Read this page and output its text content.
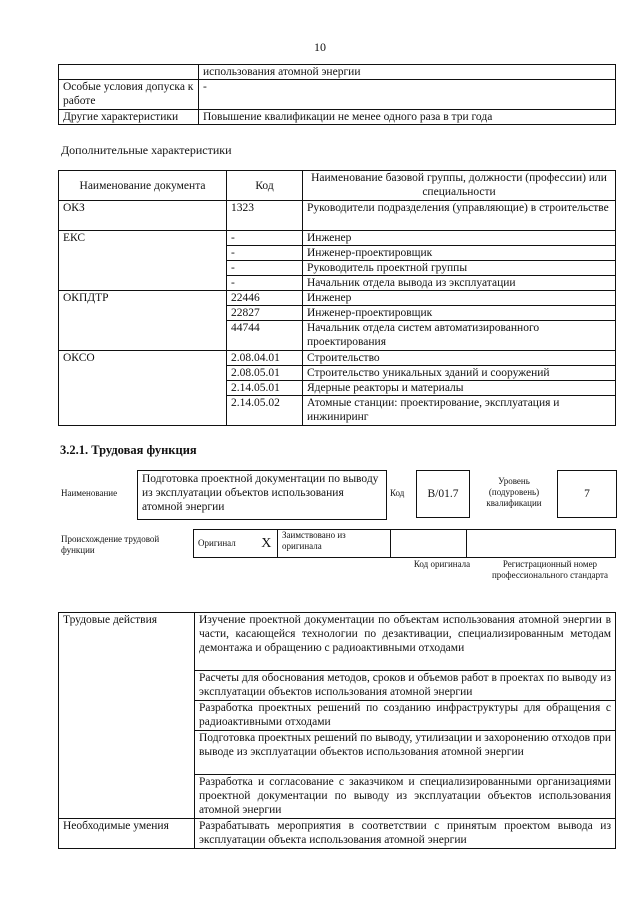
10
	использования атомной энергии
Особые условия допуска к работе	-
Другие характеристики	Повышение квалификации не менее одного раза в три года
Дополнительные характеристики
Наименование документа	Код	Наименование базовой группы, должности (профессии) или специальности
ОКЗ	1323	Руководители подразделения (управляющие) в строительстве
ЕКС	-	Инженер
	-	Инженер-проектировщик
	-	Руководитель проектной группы
	-	Начальник отдела вывода из эксплуатации
ОКПДТР	22446	Инженер
	22827	Инженер-проектировщик
	44744	Начальник отдела систем автоматизированного проектирования
ОКСО	2.08.04.01	Строительство
	2.08.05.01	Строительство уникальных зданий и сооружений
	2.14.05.01	Ядерные реакторы и материалы
	2.14.05.02	Атомные станции: проектирование, эксплуатация и инжиниринг
3.2.1. Трудовая функция
Наименование
Подготовка проектной документации по выводу из эксплуатации объектов использования атомной энергии
Код	B/01.7
Уровень (подуровень) квалификации
7
Происхождение трудовой функции
Оригинал	X	Заимствовано из оригинала		
Код оригинала	Регистрационный номер профессионального стандарта
Трудовые действия	Изучение проектной документации по объектам использования атомной энергии в части, касающейся технологии по дезактивации, специализированным методам демонтажа и обращению с радиоактивными отходами
	Расчеты для обоснования методов, сроков и объемов работ в проектах по выводу из эксплуатации объектов использования атомной энергии
	Разработка проектных решений по созданию инфраструктуры для обращения с радиоактивными отходами
	Подготовка проектных решений по выводу, утилизации и захоронению отходов при выводе из эксплуатации объектов использования атомной энергии
	Разработка и согласование с заказчиком и специализированными организациями проектной документации по выводу из эксплуатации объектов использования атомной энергии
Необходимые умения	Разрабатывать мероприятия в соответствии с принятым проектом вывода из эксплуатации объекта использования атомной энергии
